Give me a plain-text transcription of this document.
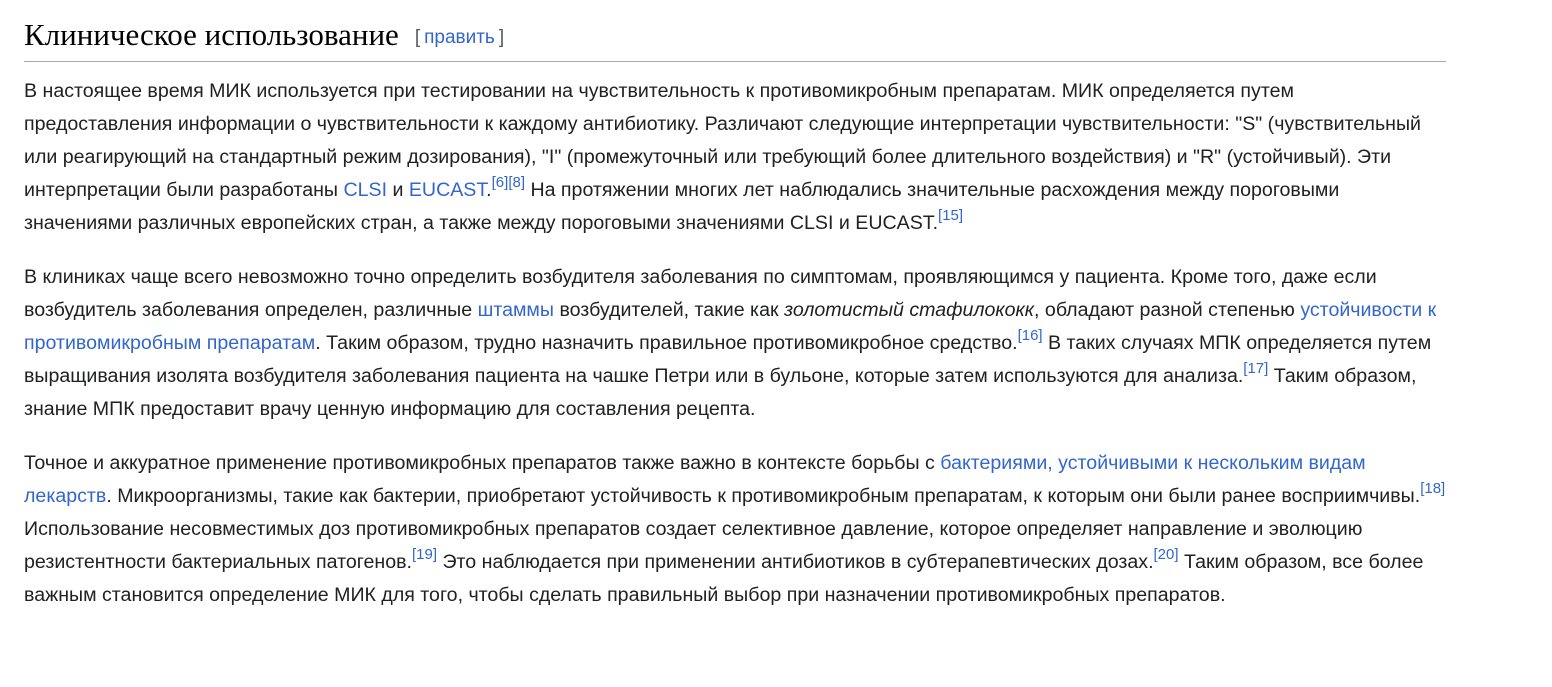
Клиническое использование [ править ]

В настоящее время МИК используется при тестировании на чувствительность к противомикробным препаратам. МИК определяется путем предоставления информации о чувствительности к каждому антибиотику. Различают следующие интерпретации чувствительности: "S" (чувствительный или реагирующий на стандартный режим дозирования), "I" (промежуточный или требующий более длительного воздействия) и "R" (устойчивый). Эти интерпретации были разработаны CLSI и EUCAST.[6][8] На протяжении многих лет наблюдались значительные расхождения между пороговыми значениями различных европейских стран, а также между пороговыми значениями CLSI и EUCAST.[15]

В клиниках чаще всего невозможно точно определить возбудителя заболевания по симптомам, проявляющимся у пациента. Кроме того, даже если возбудитель заболевания определен, различные штаммы возбудителей, такие как золотистый стафилококк, обладают разной степенью устойчивости к противомикробным препаратам. Таким образом, трудно назначить правильное противомикробное средство.[16] В таких случаях МПК определяется путем выращивания изолята возбудителя заболевания пациента на чашке Петри или в бульоне, которые затем используются для анализа.[17] Таким образом, знание МПК предоставит врачу ценную информацию для составления рецепта.

Точное и аккуратное применение противомикробных препаратов также важно в контексте борьбы с бактериями, устойчивыми к нескольким видам лекарств. Микроорганизмы, такие как бактерии, приобретают устойчивость к противомикробным препаратам, к которым они были ранее восприимчивы.[18] Использование несовместимых доз противомикробных препаратов создает селективное давление, которое определяет направление и эволюцию резистентности бактериальных патогенов.[19] Это наблюдается при применении антибиотиков в субтерапевтических дозах.[20] Таким образом, все более важным становится определение МИК для того, чтобы сделать правильный выбор при назначении противомикробных препаратов.
